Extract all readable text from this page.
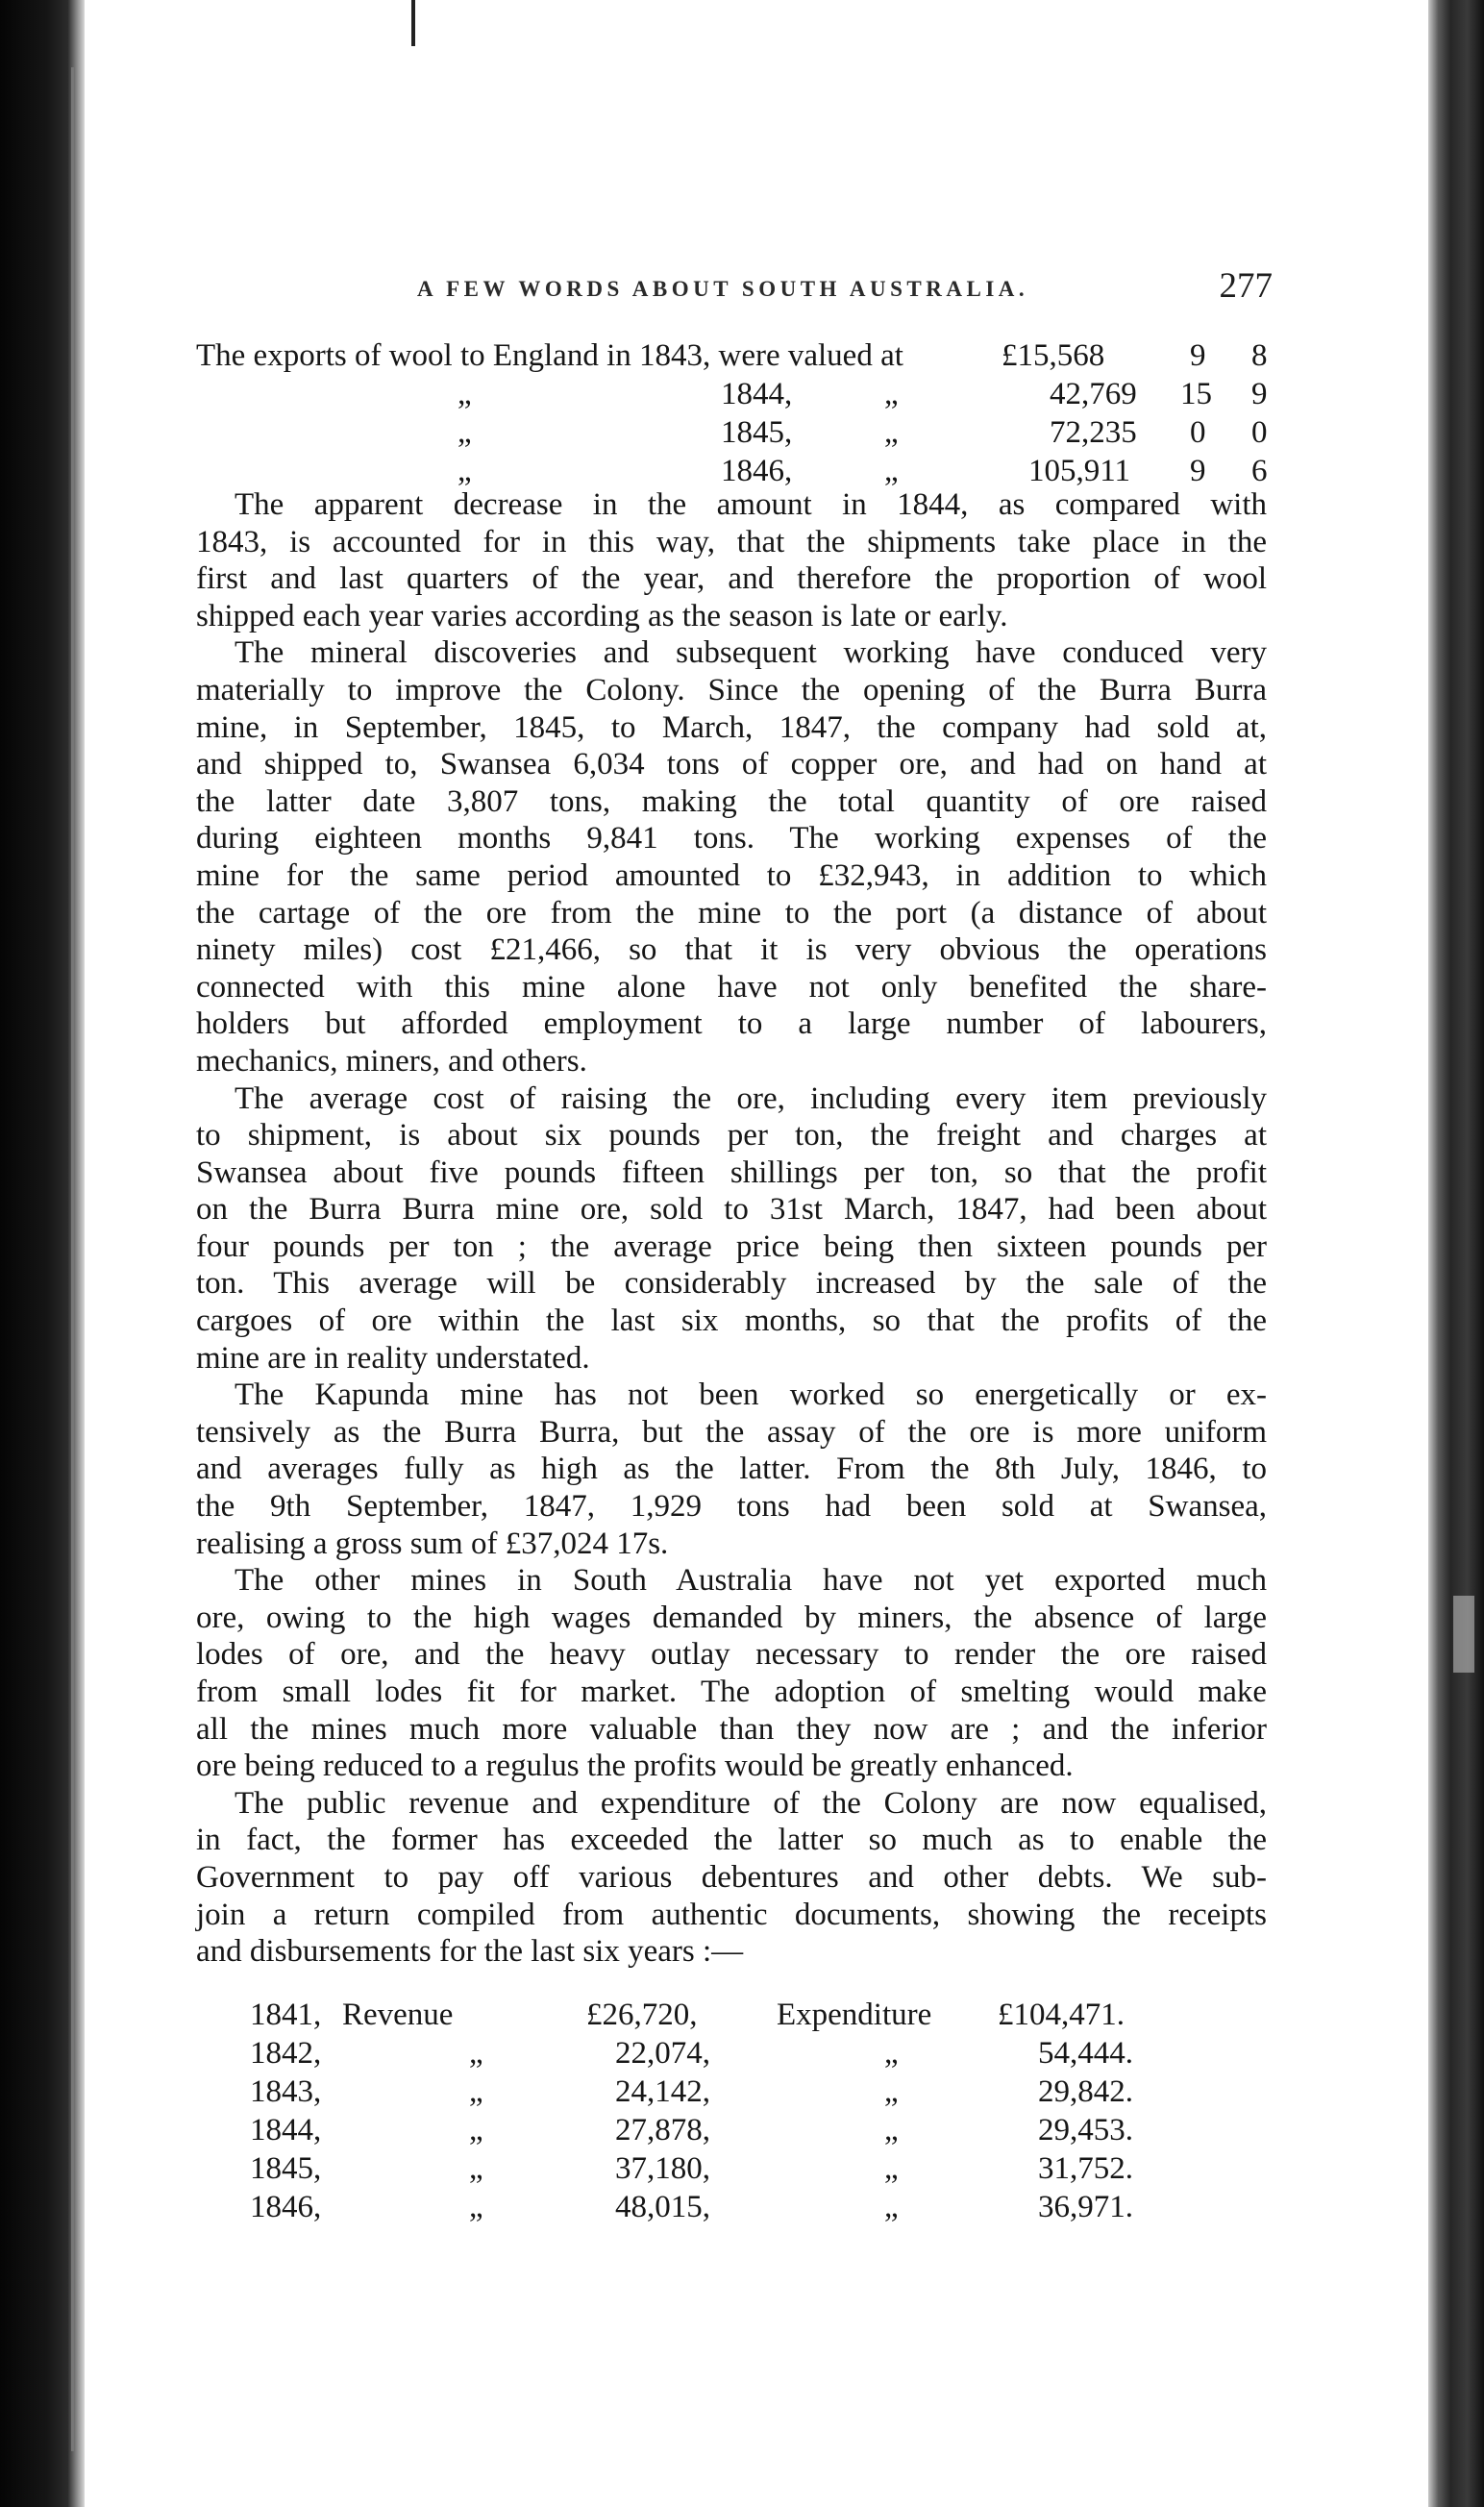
A FEW WORDS ABOUT SOUTH AUSTRALIA.	277
The exports of wool to England in 1843, were valued at	£15,568	9 8
„	1844,	„	42,769 15 9
„	1845,	„	72,235 0 0
„	1846,	„	105,911 9 6
The apparent decrease in the amount in 1844, as compared with
1843, is accounted for in this way, that the shipments take place in the
first and last quarters of the year, and therefore the proportion of wool
shipped each year varies according as the season is late or early.
The mineral discoveries and subsequent working have conduced very
materially to improve the Colony. Since the opening of the Burra Burra
mine, in September, 1845, to March, 1847, the company had sold at,
and shipped to, Swansea 6,034 tons of copper ore, and had on hand at
the latter date 3,807 tons, making the total quantity of ore raised
during eighteen months 9,841 tons. The working expenses of the
mine for the same period amounted to £32,943, in addition to which
the cartage of the ore from the mine to the port (a distance of about
ninety miles) cost £21,466, so that it is very obvious the operations
connected with this mine alone have not only benefited the share-
holders but afforded employment to a large number of labourers,
mechanics, miners, and others.
The average cost of raising the ore, including every item previously
to shipment, is about six pounds per ton, the freight and charges at
Swansea about five pounds fifteen shillings per ton, so that the profit
on the Burra Burra mine ore, sold to 31st March, 1847, had been about
four pounds per ton ; the average price being then sixteen pounds per
ton. This average will be considerably increased by the sale of the
cargoes of ore within the last six months, so that the profits of the
mine are in reality understated.
The Kapunda mine has not been worked so energetically or ex-
tensively as the Burra Burra, but the assay of the ore is more uniform
and averages fully as high as the latter. From the 8th July, 1846, to
the 9th September, 1847, 1,929 tons had been sold at Swansea,
realising a gross sum of £37,024 17s.
The other mines in South Australia have not yet exported much
ore, owing to the high wages demanded by miners, the absence of large
lodes of ore, and the heavy outlay necessary to render the ore raised
from small lodes fit for market. The adoption of smelting would make
all the mines much more valuable than they now are ; and the inferior
ore being reduced to a regulus the profits would be greatly enhanced.
The public revenue and expenditure of the Colony are now equalised,
in fact, the former has exceeded the latter so much as to enable the
Government to pay off various debentures and other debts. We sub-
join a return compiled from authentic documents, showing the receipts
and disbursements for the last six years :—
1841, Revenue	£26,720,	Expenditure £104,471.
1842,	„	22,074,	„	54,444.
1843,	„	24,142,	„	29,842.
1844,	„	27,878,	„	29,453.
1845,	„	37,180,	„	31,752.
1846,	„	48,015,	„	36,971.
